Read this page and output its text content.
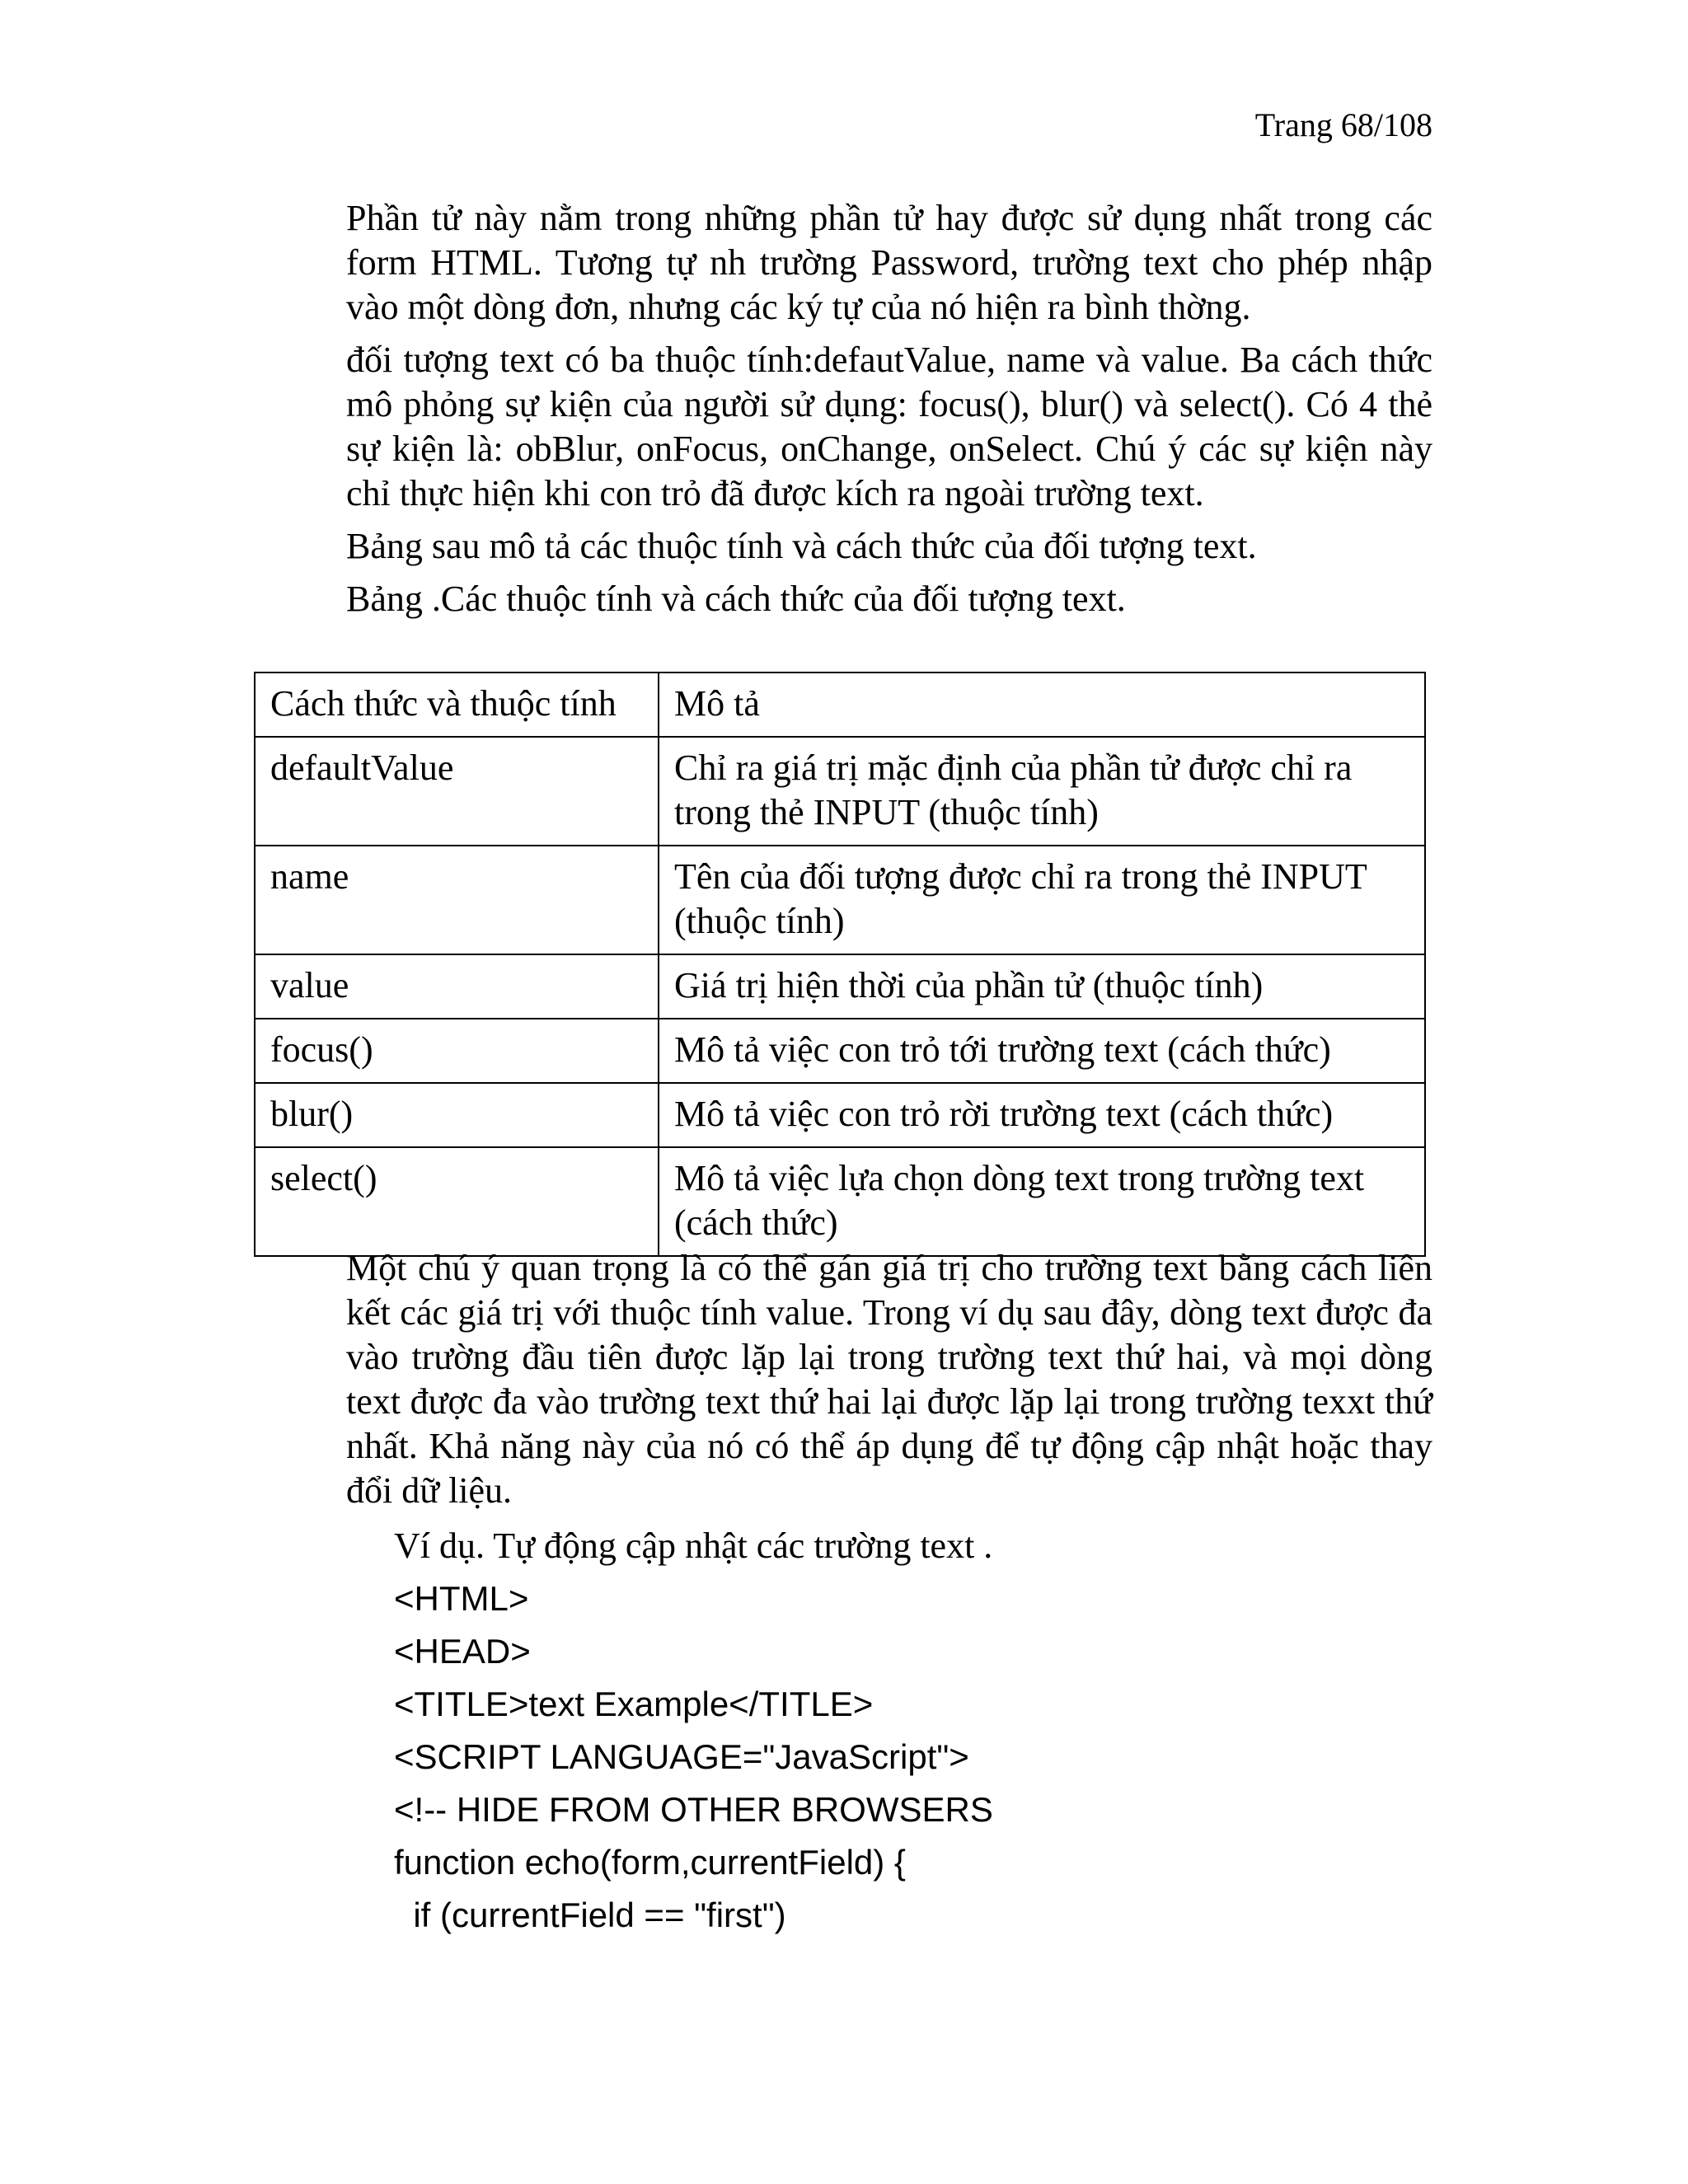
Trang 68/108

Phần tử này nằm trong những phần tử hay được sử dụng nhất trong các form HTML. Tương tự nh trường Password, trường text cho phép nhập vào một dòng đơn, nhưng các ký tự của nó hiện ra bình thờng.

đối tượng text có ba thuộc tính:defautValue, name và value. Ba cách thức mô phỏng sự kiện của người sử dụng: focus(), blur() và select(). Có 4 thẻ sự kiện là: obBlur, onFocus, onChange, onSelect. Chú ý các sự kiện này chỉ thực hiện khi con trỏ đã được kích ra ngoài trường text.

Bảng sau mô tả các thuộc tính và cách thức của đối tượng text.

Bảng .Các thuộc tính và cách thức của đối tượng text.

Cách thức và thuộc tính	Mô tả
defaultValue	Chỉ ra giá trị mặc định của phần tử được chỉ ra trong thẻ INPUT (thuộc tính)
name	Tên của đối tượng được chỉ ra trong thẻ INPUT (thuộc tính)
value	Giá trị hiện thời của phần tử (thuộc tính)
focus()	Mô tả việc con trỏ tới trường text (cách thức)
blur()	Mô tả việc con trỏ rời trường text (cách thức)
select()	Mô tả việc lựa chọn dòng text trong trường text (cách thức)

Một chú ý quan trọng là có thể gán giá trị cho trường text bằng cách liên kết các giá trị với thuộc tính value. Trong ví dụ sau đây, dòng text được đa vào trường đầu tiên được lặp lại trong trường text thứ hai, và mọi dòng text được đa vào trường text thứ hai lại được lặp lại trong trường texxt thứ nhất. Khả năng này của nó có thể áp dụng để tự động cập nhật hoặc thay đổi dữ liệu.

Ví dụ. Tự động cập nhật các trường text .
<HTML>
<HEAD>
<TITLE>text Example</TITLE>
<SCRIPT LANGUAGE="JavaScript">
<!-- HIDE FROM OTHER BROWSERS
function echo(form,currentField) {
if (currentField == "first")
